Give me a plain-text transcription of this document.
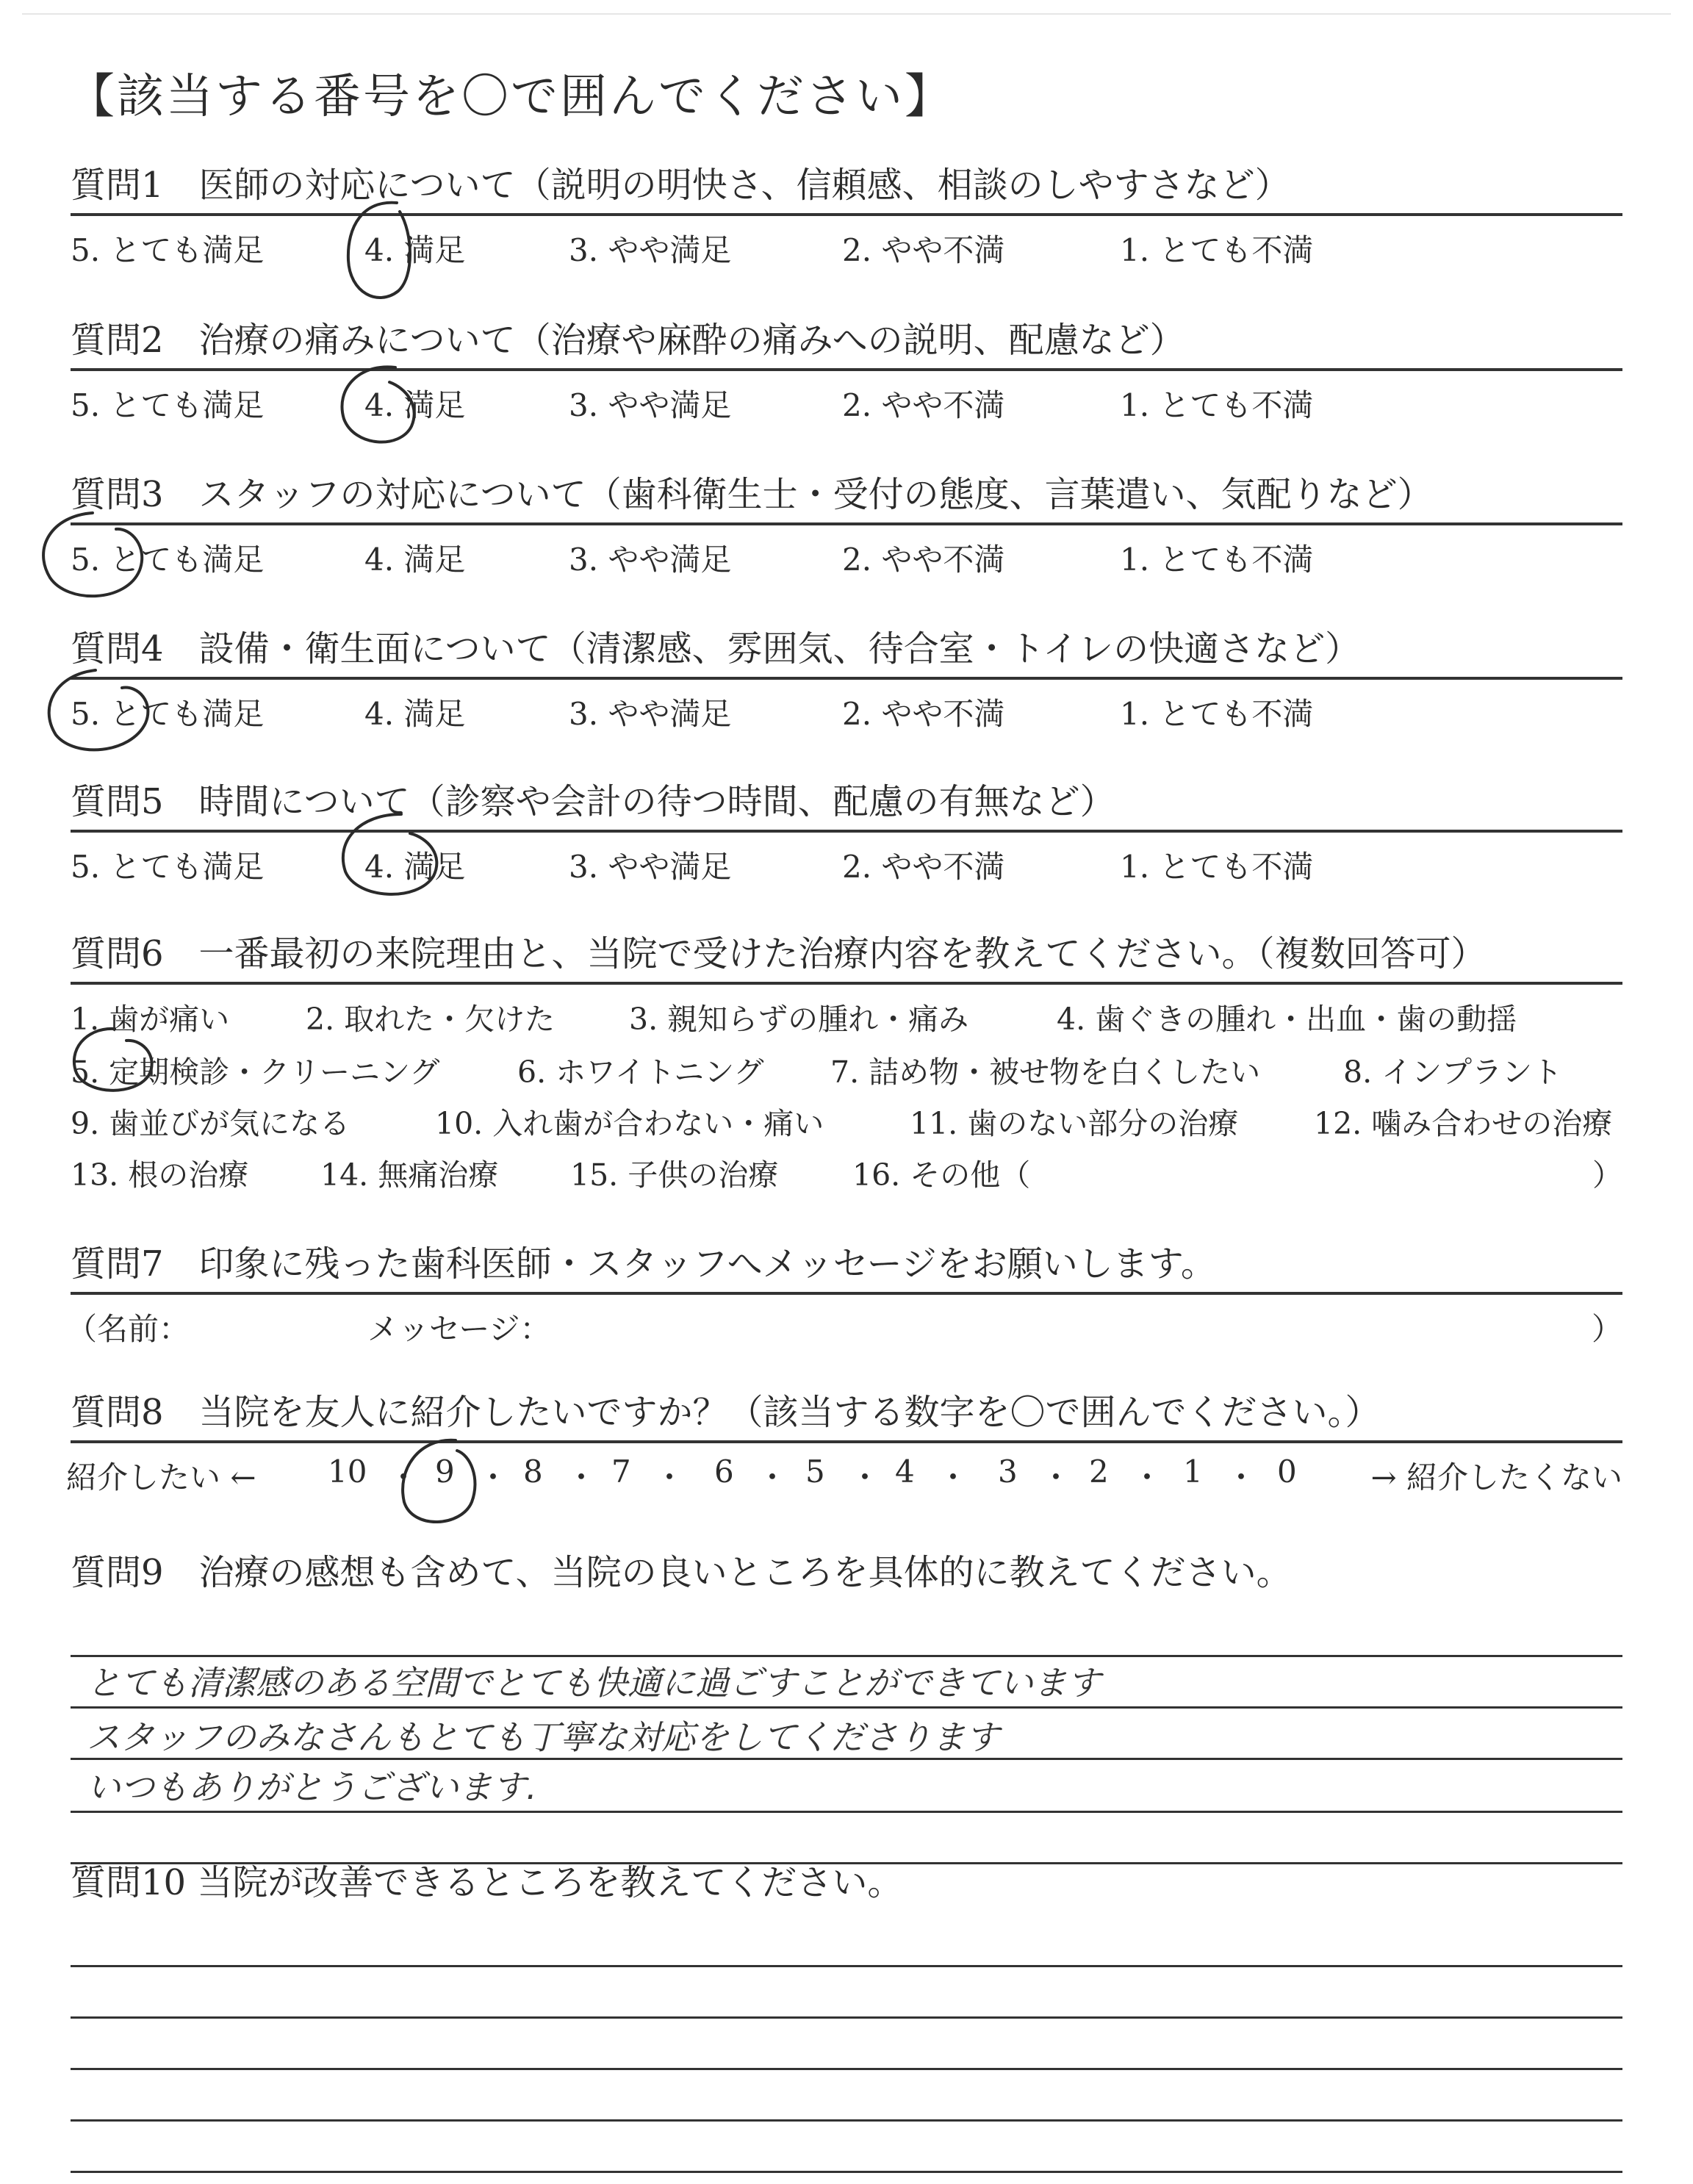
【該当する番号を〇で囲んでください】
質問1　医師の対応について（説明の明快さ、信頼感、相談のしやすさなど）
5. とても満足	4. 満足	3. やや満足	2. やや不満	1. とても不満
質問2　治療の痛みについて（治療や麻酔の痛みへの説明、配慮など）
5. とても満足	4. 満足	3. やや満足	2. やや不満	1. とても不満
質問3　スタッフの対応について（歯科衛生士・受付の態度、言葉遣い、気配りなど）
5. とても満足	4. 満足	3. やや満足	2. やや不満	1. とても不満
質問4　設備・衛生面について（清潔感、雰囲気、待合室・トイレの快適さなど）
5. とても満足	4. 満足	3. やや満足	2. やや不満	1. とても不満
質問5　時間について（診察や会計の待つ時間、配慮の有無など）
5. とても満足	4. 満足	3. やや満足	2. やや不満	1. とても不満
質問6　一番最初の来院理由と、当院で受けた治療内容を教えてください。（複数回答可）
1. 歯が痛い	2. 取れた・欠けた 3. 親知らずの腫れ・痛み	4. 歯ぐきの腫れ・出血・歯の動揺
5. 定期検診・クリーニング	6. ホワイトニング 7. 詰め物・被せ物を白くしたい	8. インプラント
9. 歯並びが気になる	10. 入れ歯が合わない・痛い	11. 歯のない部分の治療	12. 噛み合わせの治療
13. 根の治療 14. 無痛治療 15. 子供の治療 16. その他（	）
質問7　印象に残った歯科医師・スタッフへメッセージをお願いします。
（名前：	メッセージ：	）
質問8　当院を友人に紹介したいですか？（該当する数字を〇で囲んでください。）
紹介したい ← 10 ・ 9 ・ 8 ・ 7 ・ 6 ・ 5 ・ 4 ・ 3 ・ 2 ・ 1 ・ 0 → 紹介したくない
質問9　治療の感想も含めて、当院の良いところを具体的に教えてください。
とても清潔感のある空間でとても快適に過ごすことができています
スタッフのみなさんもとても丁寧な対応をしてくださります
いつもありがとうございます.
質問10 当院が改善できるところを教えてください。
